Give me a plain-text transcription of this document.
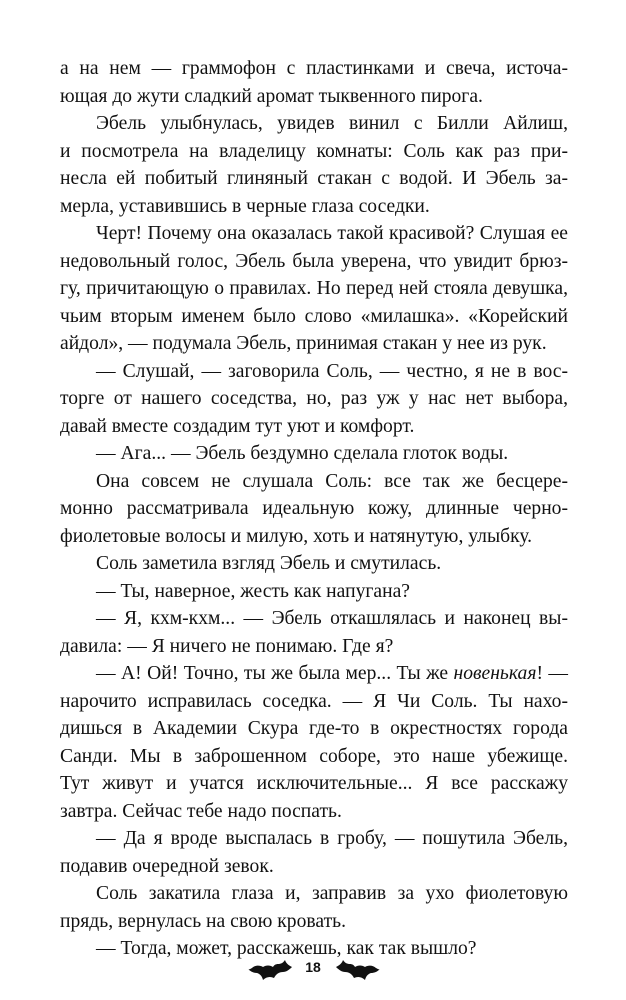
а на нем — граммофон с пластинками и свеча, источа-
ющая до жути сладкий аромат тыквенного пирога.
Эбель улыбнулась, увидев винил с Билли Айлиш,
и посмотрела на владелицу комнаты: Соль как раз при-
несла ей побитый глиняный стакан с водой. И Эбель за-
мерла, уставившись в черные глаза соседки.
Черт! Почему она оказалась такой красивой? Слушая ее
недовольный голос, Эбель была уверена, что увидит брюз-
гу, причитающую о правилах. Но перед ней стояла девушка,
чьим вторым именем было слово «милашка». «Корейский
айдол», — подумала Эбель, принимая стакан у нее из рук.
— Слушай, — заговорила Соль, — честно, я не в вос-
торге от нашего соседства, но, раз уж у нас нет выбора,
давай вместе создадим тут уют и комфорт.
— Ага... — Эбель бездумно сделала глоток воды.
Она совсем не слушала Соль: все так же бесцере-
монно рассматривала идеальную кожу, длинные черно-
фиолетовые волосы и милую, хоть и натянутую, улыбку.
Соль заметила взгляд Эбель и смутилась.
— Ты, наверное, жесть как напугана?
— Я, кхм-кхм... — Эбель откашлялась и наконец вы-
давила: — Я ничего не понимаю. Где я?
— А! Ой! Точно, ты же была мер... Ты же новенькая! —
нарочито исправилась соседка. — Я Чи Соль. Ты нахо-
дишься в Академии Скура где-то в окрестностях города
Санди. Мы в заброшенном соборе, это наше убежище.
Тут живут и учатся исключительные... Я все расскажу
завтра. Сейчас тебе надо поспать.
— Да я вроде выспалась в гробу, — пошутила Эбель,
подавив очередной зевок.
Соль закатила глаза и, заправив за ухо фиолетовую
прядь, вернулась на свою кровать.
— Тогда, может, расскажешь, как так вышло?
18
